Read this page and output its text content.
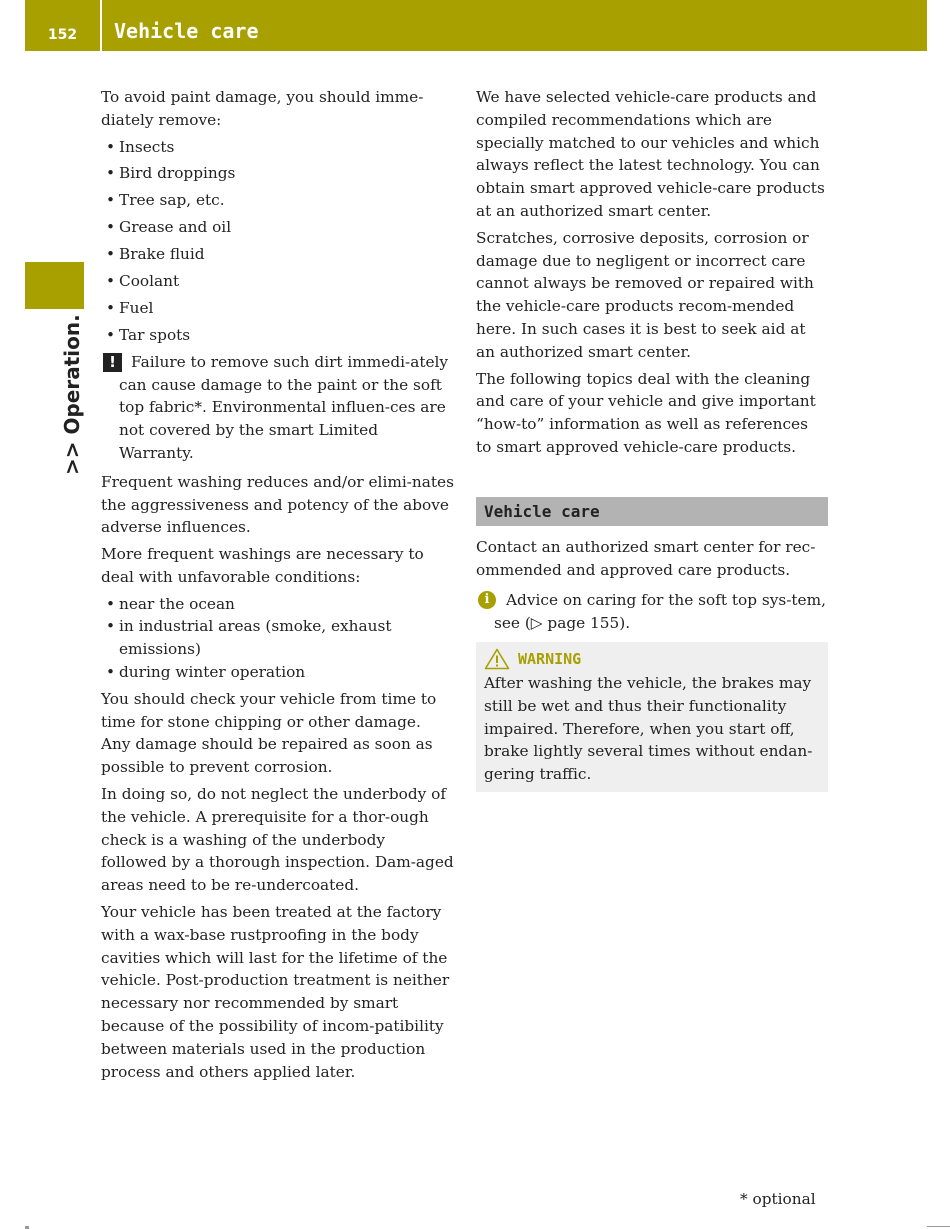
152	Vehicle care
>> Operation.

To avoid paint damage, you should imme-diately remove:

• Insects
• Bird droppings
• Tree sap, etc.
• Grease and oil
• Brake fluid
• Coolant
• Fuel
• Tar spots
! Failure to remove such dirt immedi-ately can cause damage to the paint or the soft top fabric*. Environmental influen-ces are not covered by the smart Limited Warranty.

Frequent washing reduces and/or elimi-nates the aggressiveness and potency of the above adverse influences.

More frequent washings are necessary to deal with unfavorable conditions:

• near the ocean
• in industrial areas (smoke, exhaust emissions)
• during winter operation

You should check your vehicle from time to time for stone chipping or other damage. Any damage should be repaired as soon as possible to prevent corrosion.

In doing so, do not neglect the underbody of the vehicle. A prerequisite for a thor-ough check is a washing of the underbody followed by a thorough inspection. Dam-aged areas need to be re-undercoated.

Your vehicle has been treated at the factory with a wax-base rustproofing in the body cavities which will last for the lifetime of the vehicle. Post-production treatment is neither necessary nor recommended by smart because of the possibility of incom-patibility between materials used in the production process and others applied later.

We have selected vehicle-care products and compiled recommendations which are specially matched to our vehicles and which always reflect the latest technology. You can obtain smart approved vehicle-care products at an authorized smart center.

Scratches, corrosive deposits, corrosion or damage due to negligent or incorrect care cannot always be removed or repaired with the vehicle-care products recom-mended here. In such cases it is best to seek aid at an authorized smart center.

The following topics deal with the cleaning and care of your vehicle and give important “how-to” information as well as references to smart approved vehicle-care products.

Vehicle care

Contact an authorized smart center for rec-ommended and approved care products.

i	Advice on caring for the soft top sys-tem, see (▷ page 155).
WARNING
After washing the vehicle, the brakes may still be wet and thus their functionality impaired. Therefore, when you start off, brake lightly several times without endan-gering traffic.
* optional
